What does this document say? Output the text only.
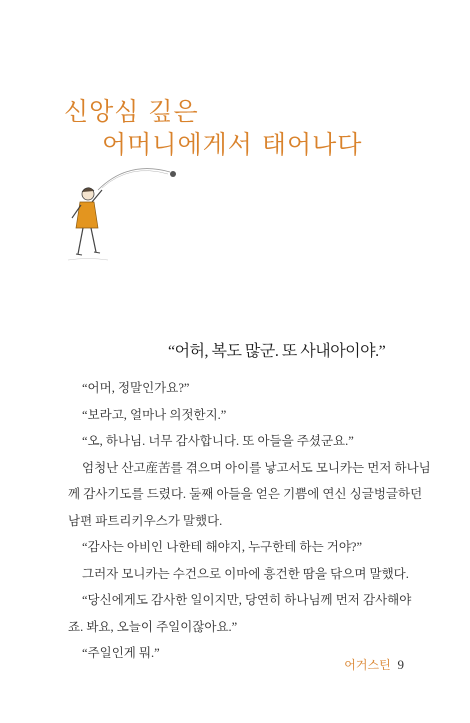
신앙심 깊은
어머니에게서 태어나다
“어허, 복도 많군. 또 사내아이야.”

“어머, 정말인가요?”

“보라고, 얼마나 의젓한지.”

“오, 하나님. 너무 감사합니다. 또 아들을 주셨군요.”

엄청난 산고産苦를 겪으며 아이를 낳고서도 모니카는 먼저 하나님

께 감사기도를 드렸다. 둘째 아들을 얻은 기쁨에 연신 싱글벙글하던

남편 파트리키우스가 말했다.

“감사는 아비인 나한테 해야지, 누구한테 하는 거야?”

그러자 모니카는 수건으로 이마에 흥건한 땀을 닦으며 말했다.

“당신에게도 감사한 일이지만, 당연히 하나님께 먼저 감사해야

죠. 봐요, 오늘이 주일이잖아요.”

“주일인게 뭐.”

어거스틴 9
